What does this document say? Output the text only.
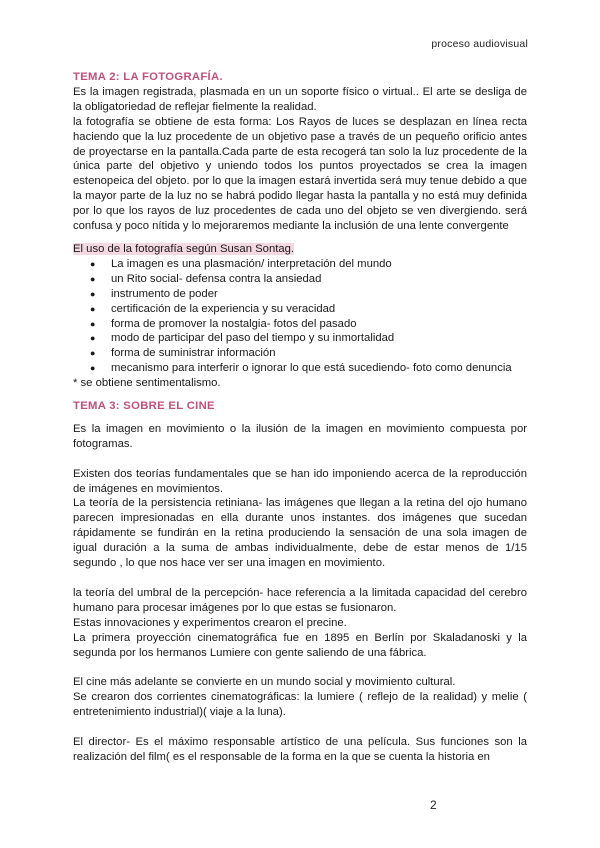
proceso audiovisual

TEMA 2: LA FOTOGRAFÍA.

Es la imagen registrada, plasmada en un un soporte físico o virtual.. El arte se desliga de la obligatoriedad de reflejar fielmente la realidad.

la fotografía se obtiene de esta forma: Los Rayos de luces se desplazan en línea recta haciendo que la luz procedente de un objetivo pase a través de un pequeño orificio antes de proyectarse en la pantalla.Cada parte de esta recogerá tan solo la luz procedente de la única parte del objetivo y uniendo todos los puntos proyectados se crea la imagen estenopeica del objeto. por lo que la imagen estará invertida será muy tenue debido a que la mayor parte de la luz no se habrá podido llegar hasta la pantalla y no está muy definida por lo que los rayos de luz procedentes de cada uno del objeto se ven divergiendo. será confusa y poco nítida y lo mejoraremos mediante la inclusión de una lente convergente

El uso de la fotografía según Susan Sontag.

● La imagen es una plasmación/ interpretación del mundo
● un Rito social- defensa contra la ansiedad
● instrumento de poder
● certificación de la experiencia y su veracidad
● forma de promover la nostalgia- fotos del pasado
● modo de participar del paso del tiempo y su inmortalidad
● forma de suministrar información
● mecanismo para interferir o ignorar lo que está sucediendo- foto como denuncia

* se obtiene sentimentalismo.

TEMA 3: SOBRE EL CINE

Es la imagen en movimiento o la ilusión de la imagen en movimiento compuesta por fotogramas.

Existen dos teorías fundamentales que se han ido imponiendo acerca de la reproducción de imágenes en movimientos.

La teoría de la persistencia retiniana- las imágenes que llegan a la retina del ojo humano parecen impresionadas en ella durante unos instantes. dos imágenes que sucedan rápidamente se fundirán en la retina produciendo la sensación de una sola imagen de igual duración a la suma de ambas individualmente, debe de estar menos de 1/15 segundo , lo que nos hace ver ser una imagen en movimiento.

la teoría del umbral de la percepción- hace referencia a la limitada capacidad del cerebro humano para procesar imágenes por lo que estas se fusionaron.

Estas innovaciones y experimentos crearon el precine.

La primera proyección cinematográfica fue en 1895 en Berlín por Skaladanoski y la segunda por los hermanos Lumiere con gente saliendo de una fábrica.

El cine más adelante se convierte en un mundo social y movimiento cultural.

Se crearon dos corrientes cinematográficas: la lumiere ( reflejo de la realidad) y melie ( entretenimiento industrial)( viaje a la luna).

El director- Es el máximo responsable artístico de una película. Sus funciones son la realización del film( es el responsable de la forma en la que se cuenta la historia en

2
